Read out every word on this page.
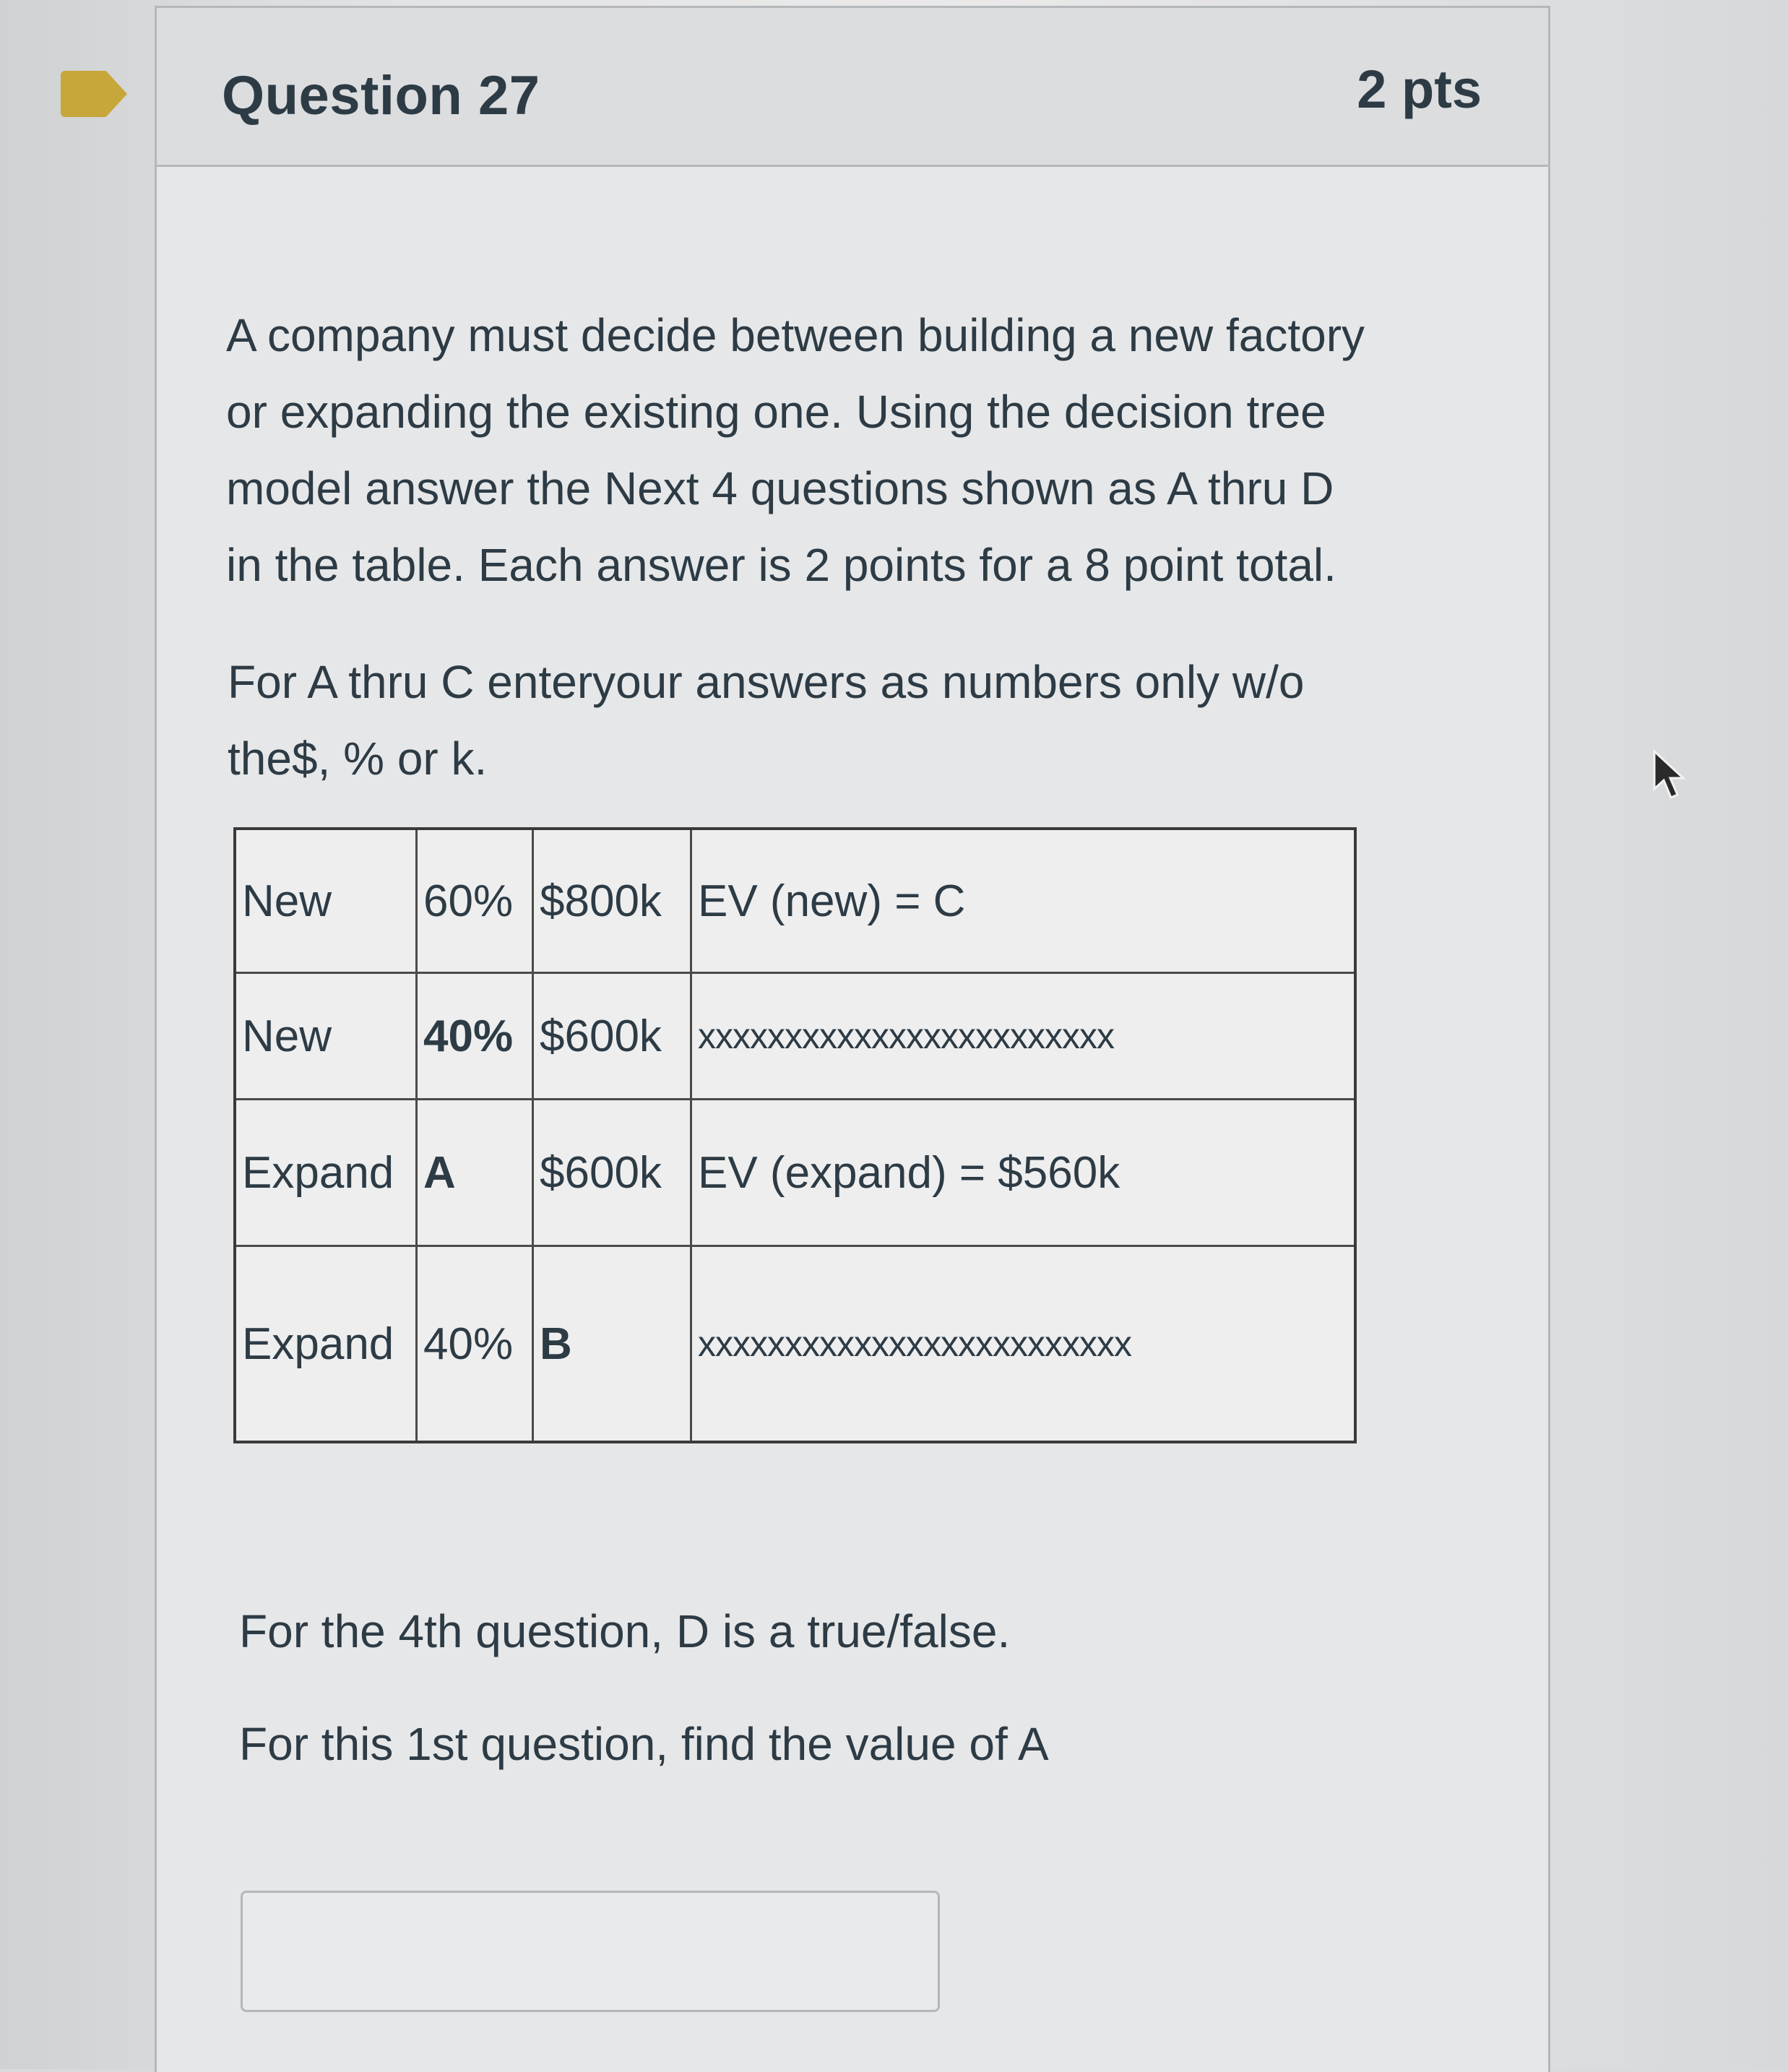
Question 27	2 pts

A company must decide between building a new factory
or expanding the existing one. Using the decision tree
model answer the Next 4 questions shown as A thru D
in the table. Each answer is 2 points for a 8 point total.

For A thru C enteryour answers as numbers only w/o
the$, % or k.

New	60%	$800k	EV (new) = C
New	40%	$600k	xxxxxxxxxxxxxxxxxxxxxxxx
Expand	A	$600k	EV (expand) = $560k
Expand	40%	B	xxxxxxxxxxxxxxxxxxxxxxxxx
For the 4th question, D is a true/false.
For this 1st question, find the value of A
